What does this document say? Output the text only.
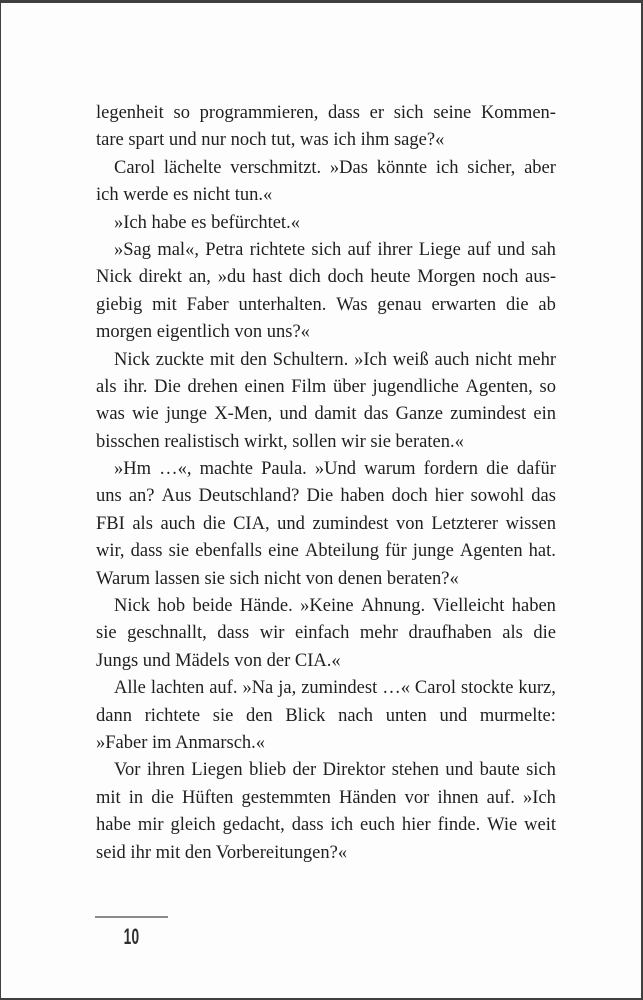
legenheit so programmieren, dass er sich seine Kommen-
tare spart und nur noch tut, was ich ihm sage?«
Carol lächelte verschmitzt. »Das könnte ich sicher, aber
ich werde es nicht tun.«
»Ich habe es befürchtet.«
»Sag mal«, Petra richtete sich auf ihrer Liege auf und sah
Nick direkt an, »du hast dich doch heute Morgen noch aus-
giebig mit Faber unterhalten. Was genau erwarten die ab
morgen eigentlich von uns?«
Nick zuckte mit den Schultern. »Ich weiß auch nicht mehr
als ihr. Die drehen einen Film über jugendliche Agenten, so
was wie junge X-Men, und damit das Ganze zumindest ein
bisschen realistisch wirkt, sollen wir sie beraten.«
»Hm …«, machte Paula. »Und warum fordern die dafür
uns an? Aus Deutschland? Die haben doch hier sowohl das
FBI als auch die CIA, und zumindest von Letzterer wissen
wir, dass sie ebenfalls eine Abteilung für junge Agenten hat.
Warum lassen sie sich nicht von denen beraten?«
Nick hob beide Hände. »Keine Ahnung. Vielleicht haben
sie geschnallt, dass wir einfach mehr draufhaben als die
Jungs und Mädels von der CIA.«
Alle lachten auf. »Na ja, zumindest …« Carol stockte kurz,
dann richtete sie den Blick nach unten und murmelte:
»Faber im Anmarsch.«
Vor ihren Liegen blieb der Direktor stehen und baute sich
mit in die Hüften gestemmten Händen vor ihnen auf. »Ich
habe mir gleich gedacht, dass ich euch hier finde. Wie weit
seid ihr mit den Vorbereitungen?«
10
